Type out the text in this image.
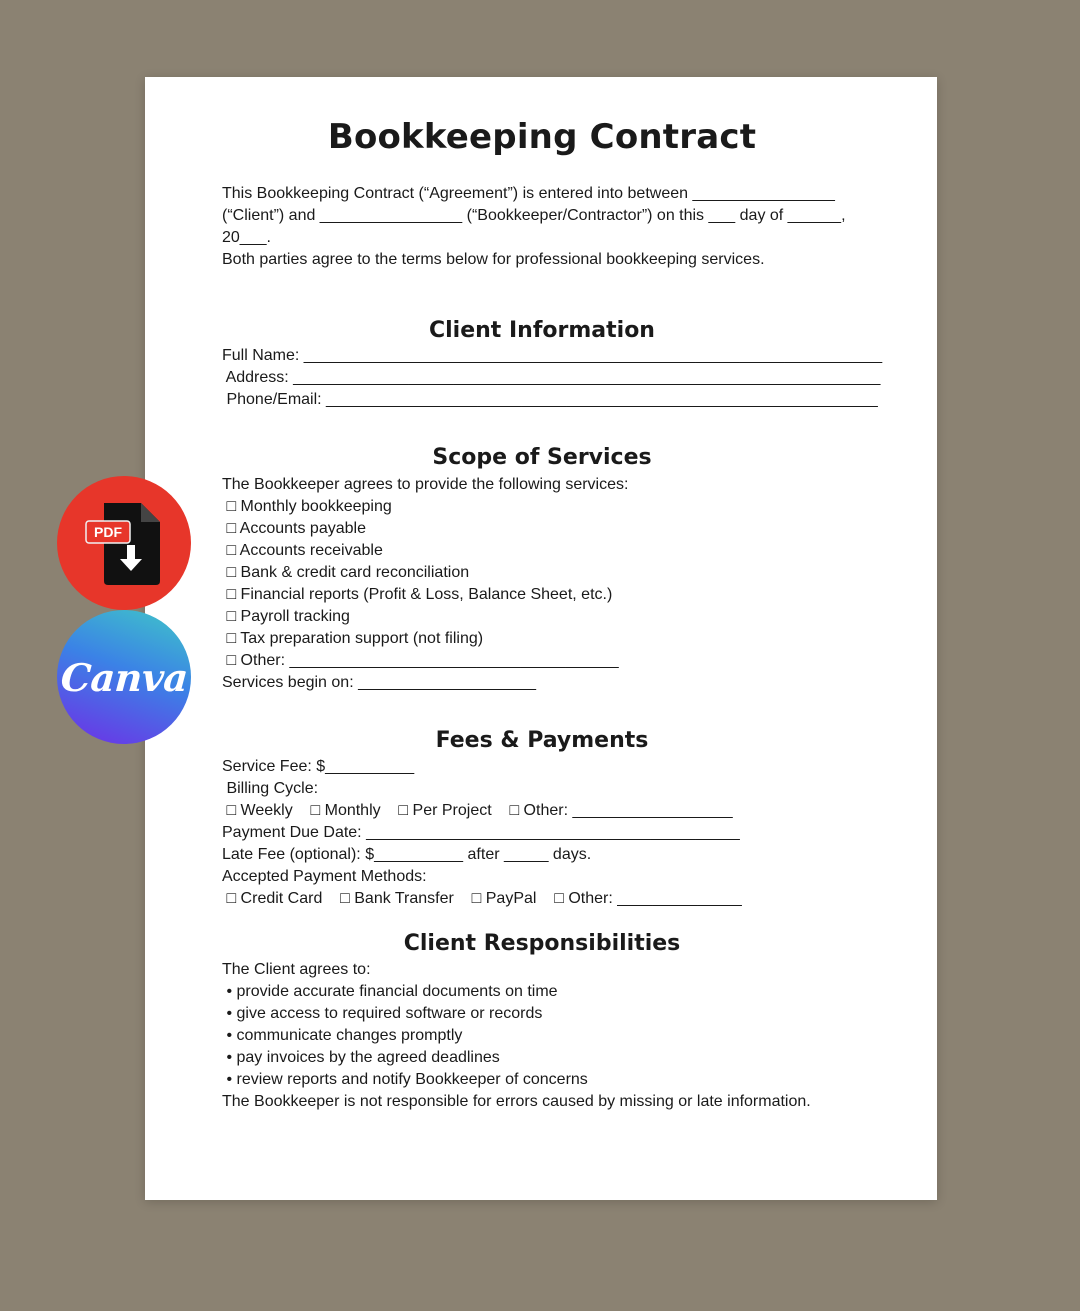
Bookkeeping Contract
This Bookkeeping Contract (“Agreement”) is entered into between ________________
(“Client”) and ________________ (“Bookkeeper/Contractor”) on this ___ day of ______,
20___.
Both parties agree to the terms below for professional bookkeeping services.
Client Information
Full Name: _________________________________________________________________
Address: __________________________________________________________________
Phone/Email: ______________________________________________________________
Scope of Services
The Bookkeeper agrees to provide the following services:
□ Monthly bookkeeping
□ Accounts payable
□ Accounts receivable
□ Bank & credit card reconciliation
□ Financial reports (Profit & Loss, Balance Sheet, etc.)
□ Payroll tracking
□ Tax preparation support (not filing)
□ Other: _____________________________________
Services begin on: ____________________
Fees & Payments
Service Fee: $__________
Billing Cycle:
□ Weekly    □ Monthly    □ Per Project    □ Other: __________________
Payment Due Date: __________________________________________
Late Fee (optional): $__________ after _____ days.
Accepted Payment Methods:
□ Credit Card    □ Bank Transfer    □ PayPal    □ Other: ______________
Client Responsibilities
The Client agrees to:
• provide accurate financial documents on time
• give access to required software or records
• communicate changes promptly
• pay invoices by the agreed deadlines
• review reports and notify Bookkeeper of concerns
The Bookkeeper is not responsible for errors caused by missing or late information.
PDF
Canva
